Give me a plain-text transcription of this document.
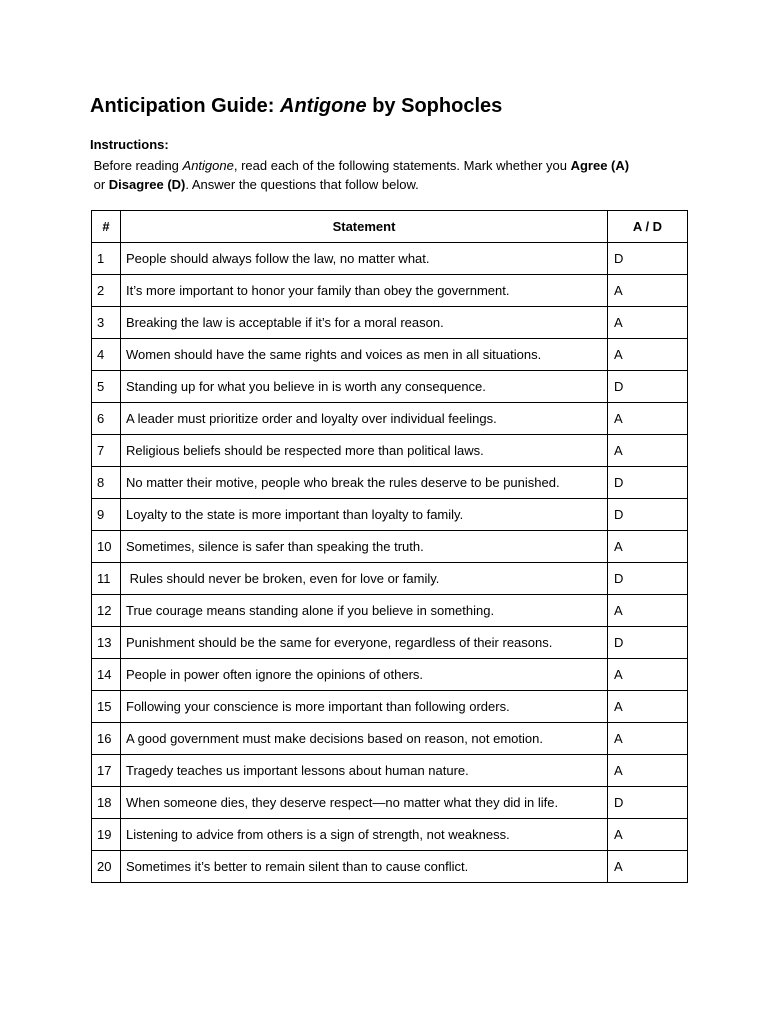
Anticipation Guide: Antigone by Sophocles
Instructions:
Before reading Antigone, read each of the following statements. Mark whether you Agree (A)
or Disagree (D). Answer the questions that follow below.
#	Statement	A / D
1	People should always follow the law, no matter what.	D
2	It’s more important to honor your family than obey the government.	A
3	Breaking the law is acceptable if it’s for a moral reason.	A
4	Women should have the same rights and voices as men in all situations.	A
5	Standing up for what you believe in is worth any consequence.	D
6	A leader must prioritize order and loyalty over individual feelings.	A
7	Religious beliefs should be respected more than political laws.	A
8	No matter their motive, people who break the rules deserve to be punished.	D
9	Loyalty to the state is more important than loyalty to family.	D
10	Sometimes, silence is safer than speaking the truth.	A
11	Rules should never be broken, even for love or family.	D
12	True courage means standing alone if you believe in something.	A
13	Punishment should be the same for everyone, regardless of their reasons.	D
14	People in power often ignore the opinions of others.	A
15	Following your conscience is more important than following orders.	A
16	A good government must make decisions based on reason, not emotion.	A
17	Tragedy teaches us important lessons about human nature.	A
18	When someone dies, they deserve respect—no matter what they did in life.	D
19	Listening to advice from others is a sign of strength, not weakness.	A
20	Sometimes it’s better to remain silent than to cause conflict.	A
